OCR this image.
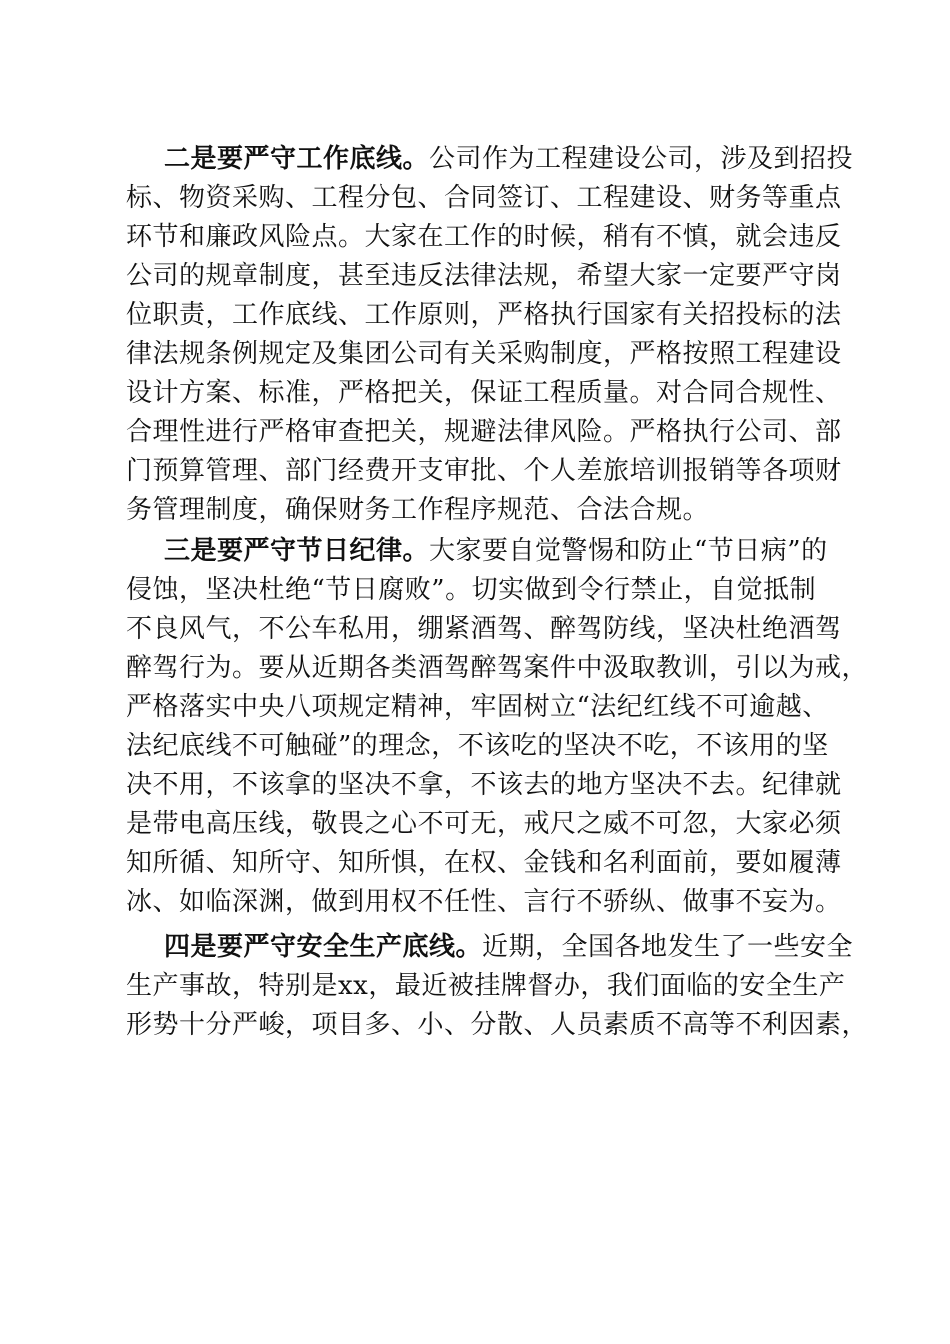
二是要严守工作底线。公司作为工程建设公司，涉及到招投
标、物资采购、工程分包、合同签订、工程建设、财务等重点
环节和廉政风险点。大家在工作的时候，稍有不慎，就会违反
公司的规章制度，甚至违反法律法规，希望大家一定要严守岗
位职责，工作底线、工作原则，严格执行国家有关招投标的法
律法规条例规定及集团公司有关采购制度，严格按照工程建设
设计方案、标准，严格把关，保证工程质量。对合同合规性、
合理性进行严格审查把关，规避法律风险。严格执行公司、部
门预算管理、部门经费开支审批、个人差旅培训报销等各项财
务管理制度，确保财务工作程序规范、合法合规。
三是要严守节日纪律。大家要自觉警惕和防止“节日病”的
侵蚀，坚决杜绝“节日腐败”。切实做到令行禁止，自觉抵制
不良风气，不公车私用，绷紧酒驾、醉驾防线，坚决杜绝酒驾
醉驾行为。要从近期各类酒驾醉驾案件中汲取教训，引以为戒，
严格落实中央八项规定精神，牢固树立“法纪红线不可逾越、
法纪底线不可触碰”的理念，不该吃的坚决不吃，不该用的坚
决不用，不该拿的坚决不拿，不该去的地方坚决不去。纪律就
是带电高压线，敬畏之心不可无，戒尺之威不可忽，大家必须
知所循、知所守、知所惧，在权、金钱和名利面前，要如履薄
冰、如临深渊，做到用权不任性、言行不骄纵、做事不妄为。
四是要严守安全生产底线。近期，全国各地发生了一些安全
生产事故，特别是xx，最近被挂牌督办，我们面临的安全生产
形势十分严峻，项目多、小、分散、人员素质不高等不利因素，
